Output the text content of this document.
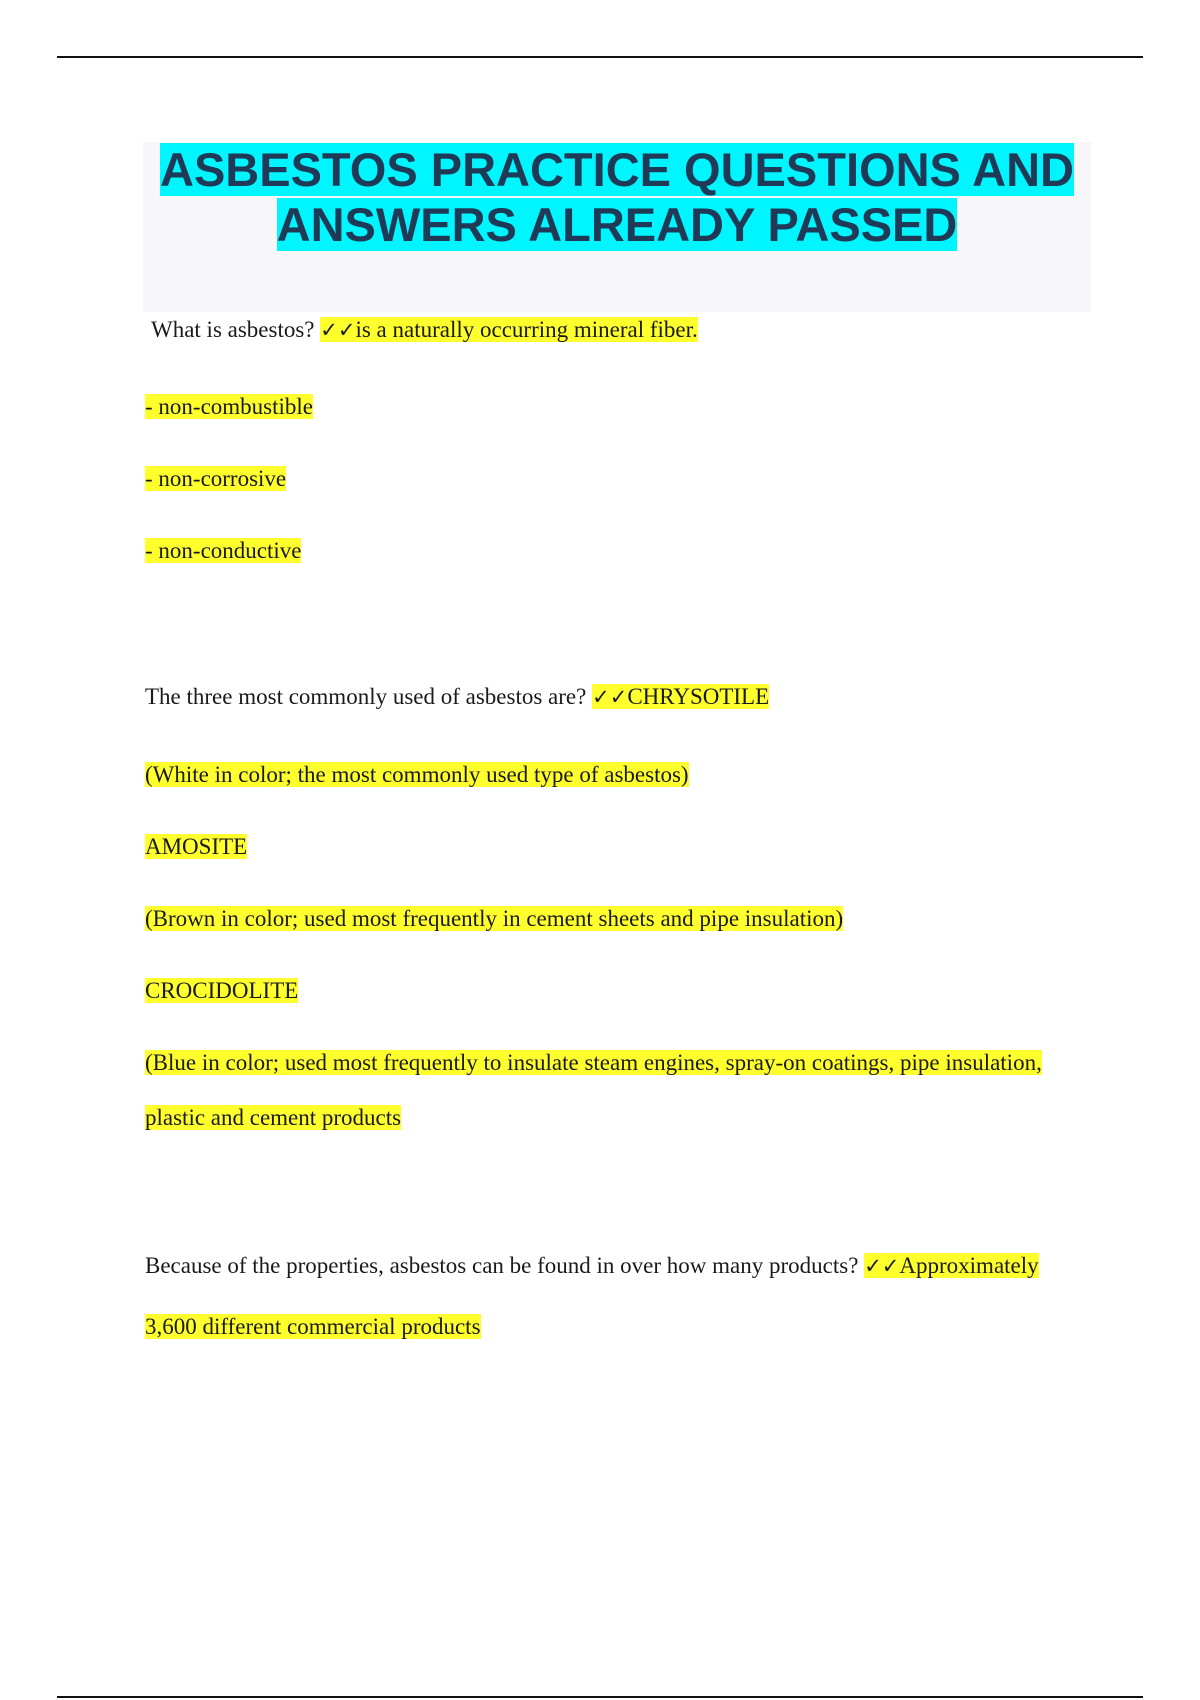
ASBESTOS PRACTICE QUESTIONS AND
ANSWERS ALREADY PASSED
What is asbestos? ✓✓is a naturally occurring mineral fiber.
- non-combustible
- non-corrosive
- non-conductive
The three most commonly used of asbestos are? ✓✓CHRYSOTILE
(White in color; the most commonly used type of asbestos)
AMOSITE
(Brown in color; used most frequently in cement sheets and pipe insulation)
CROCIDOLITE
(Blue in color; used most frequently to insulate steam engines, spray-on coatings, pipe insulation,
plastic and cement products
Because of the properties, asbestos can be found in over how many products? ✓✓Approximately
3,600 different commercial products
